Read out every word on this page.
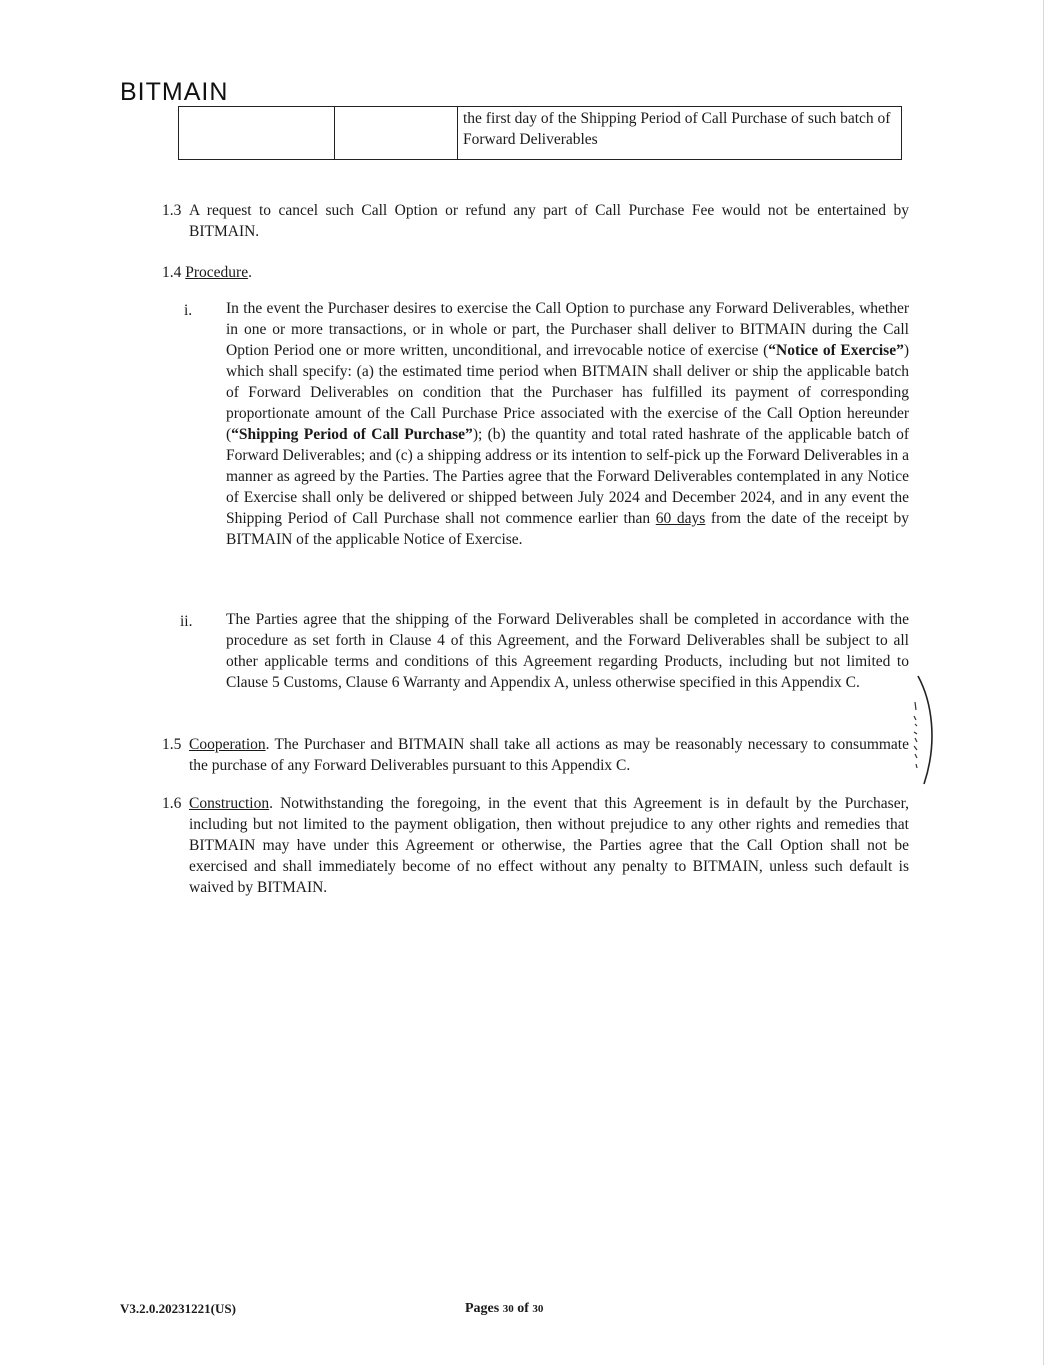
BITMAIN
		the first day of the Shipping Period of Call Purchase of such batch of Forward Deliverables
1.3 A request to cancel such Call Option or refund any part of Call Purchase Fee would not be entertained by BITMAIN.
1.4 Procedure.
i. In the event the Purchaser desires to exercise the Call Option to purchase any Forward Deliverables, whether in one or more transactions, or in whole or part, the Purchaser shall deliver to BITMAIN during the Call Option Period one or more written, unconditional, and irrevocable notice of exercise (“Notice of Exercise”) which shall specify: (a) the estimated time period when BITMAIN shall deliver or ship the applicable batch of Forward Deliverables on condition that the Purchaser has fulfilled its payment of corresponding proportionate amount of the Call Purchase Price associated with the exercise of the Call Option hereunder (“Shipping Period of Call Purchase”); (b) the quantity and total rated hashrate of the applicable batch of Forward Deliverables; and (c) a shipping address or its intention to self-pick up the Forward Deliverables in a manner as agreed by the Parties. The Parties agree that the Forward Deliverables contemplated in any Notice of Exercise shall only be delivered or shipped between July 2024 and December 2024, and in any event the Shipping Period of Call Purchase shall not commence earlier than 60 days from the date of the receipt by BITMAIN of the applicable Notice of Exercise.
ii. The Parties agree that the shipping of the Forward Deliverables shall be completed in accordance with the procedure as set forth in Clause 4 of this Agreement, and the Forward Deliverables shall be subject to all other applicable terms and conditions of this Agreement regarding Products, including but not limited to Clause 5 Customs, Clause 6 Warranty and Appendix A, unless otherwise specified in this Appendix C.
1.5 Cooperation. The Purchaser and BITMAIN shall take all actions as may be reasonably necessary to consummate the purchase of any Forward Deliverables pursuant to this Appendix C.
1.6 Construction. Notwithstanding the foregoing, in the event that this Agreement is in default by the Purchaser, including but not limited to the payment obligation, then without prejudice to any other rights and remedies that BITMAIN may have under this Agreement or otherwise, the Parties agree that the Call Option shall not be exercised and shall immediately become of no effect without any penalty to BITMAIN, unless such default is waived by BITMAIN.
V3.2.0.20231221(US)	Pages 30 of 30
